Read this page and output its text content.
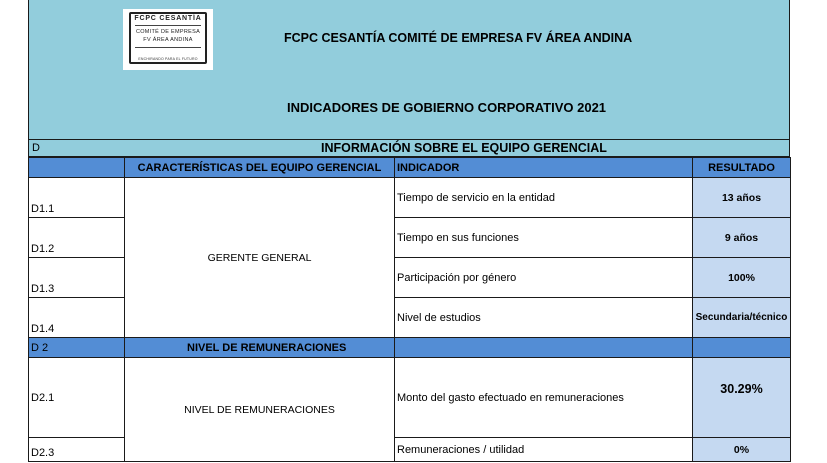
FCPC CESANTÍA
COMITÉ DE EMPRESA
FV ÁREA ANDINA
ENCHIRANDO PARA EL FUTURO
FCPC CESANTÍA COMITÉ DE EMPRESA FV ÁREA ANDINA
INDICADORES DE GOBIERNO CORPORATIVO 2021
D	INFORMACIÓN SOBRE EL EQUIPO GERENCIAL
	CARACTERÍSTICAS DEL EQUIPO GERENCIAL	INDICADOR	RESULTADO
D1.1	GERENTE GENERAL	Tiempo de servicio en la entidad	13 años
D1.2		Tiempo en sus funciones	9 años
D1.3		Participación por género	100%
D1.4		Nivel de estudios	Secundaria/técnico
D 2	NIVEL DE REMUNERACIONES		
D2.1	NIVEL DE REMUNERACIONES	Monto del gasto efectuado en remuneraciones	30.29%
D2.3		Remuneraciones / utilidad	0%
